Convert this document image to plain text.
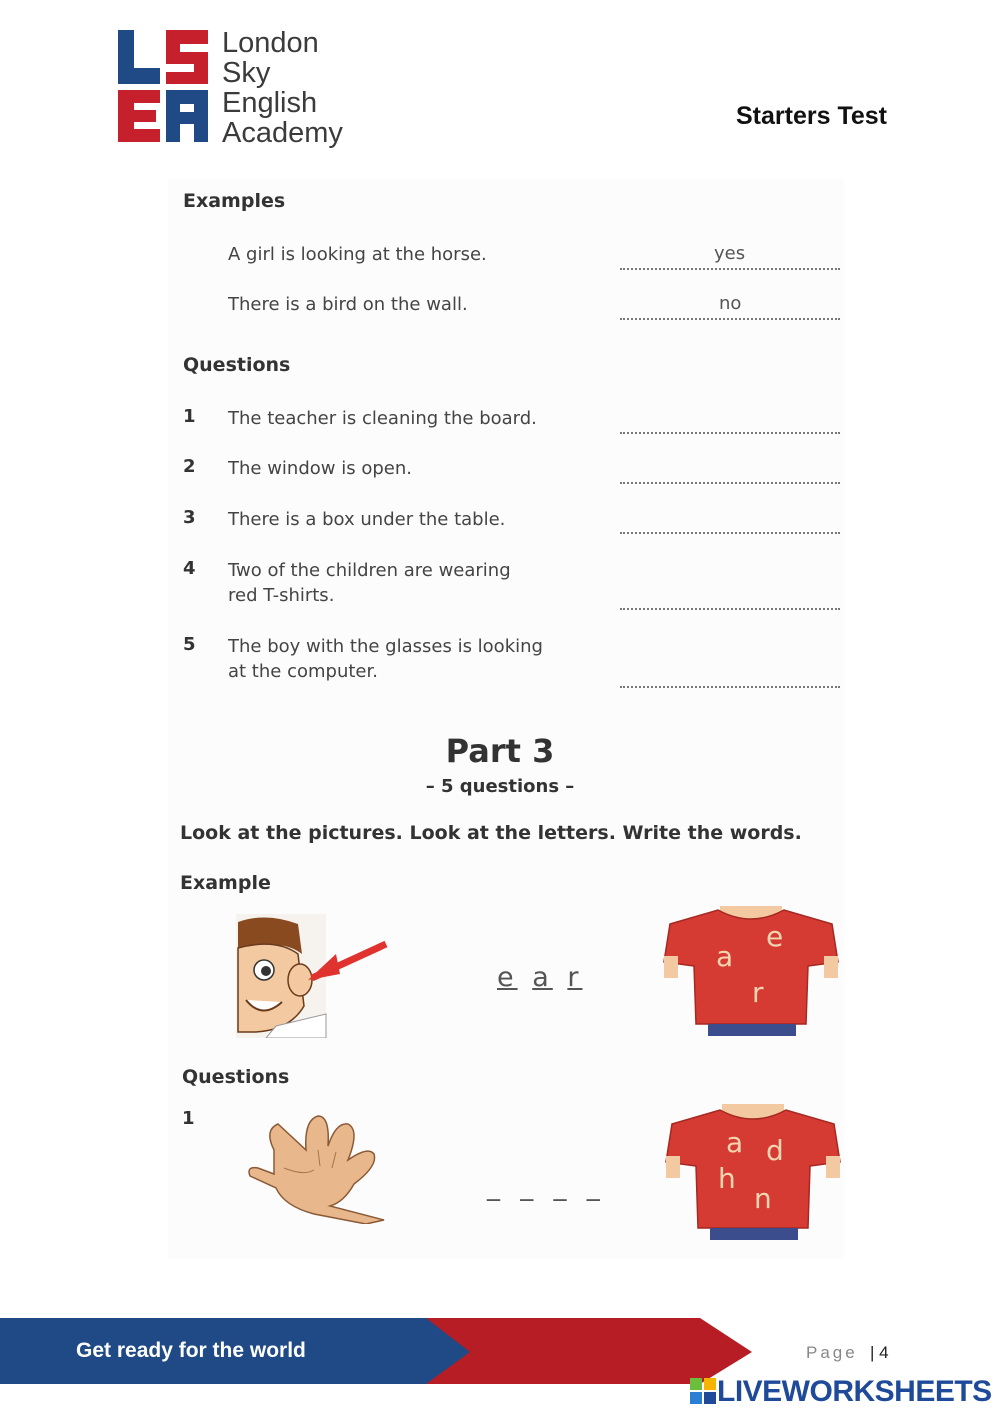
London
Sky
English
Academy
Starters Test
Examples
A girl is looking at the horse.	yes
There is a bird on the wall.	no
Questions
1 The teacher is cleaning the board.
2 The window is open.
3 There is a box under the table.
4 Two of the children are wearing
red T-shirts.
5 The boy with the glasses is looking
at the computer.
Part 3
– 5 questions –
Look at the pictures. Look at the letters. Write the words.
Example
e a r
e
a
r
Questions
1
_ _ _ _
a d
h
n
Get ready for the world	Page | 4
LIVEWORKSHEETS
